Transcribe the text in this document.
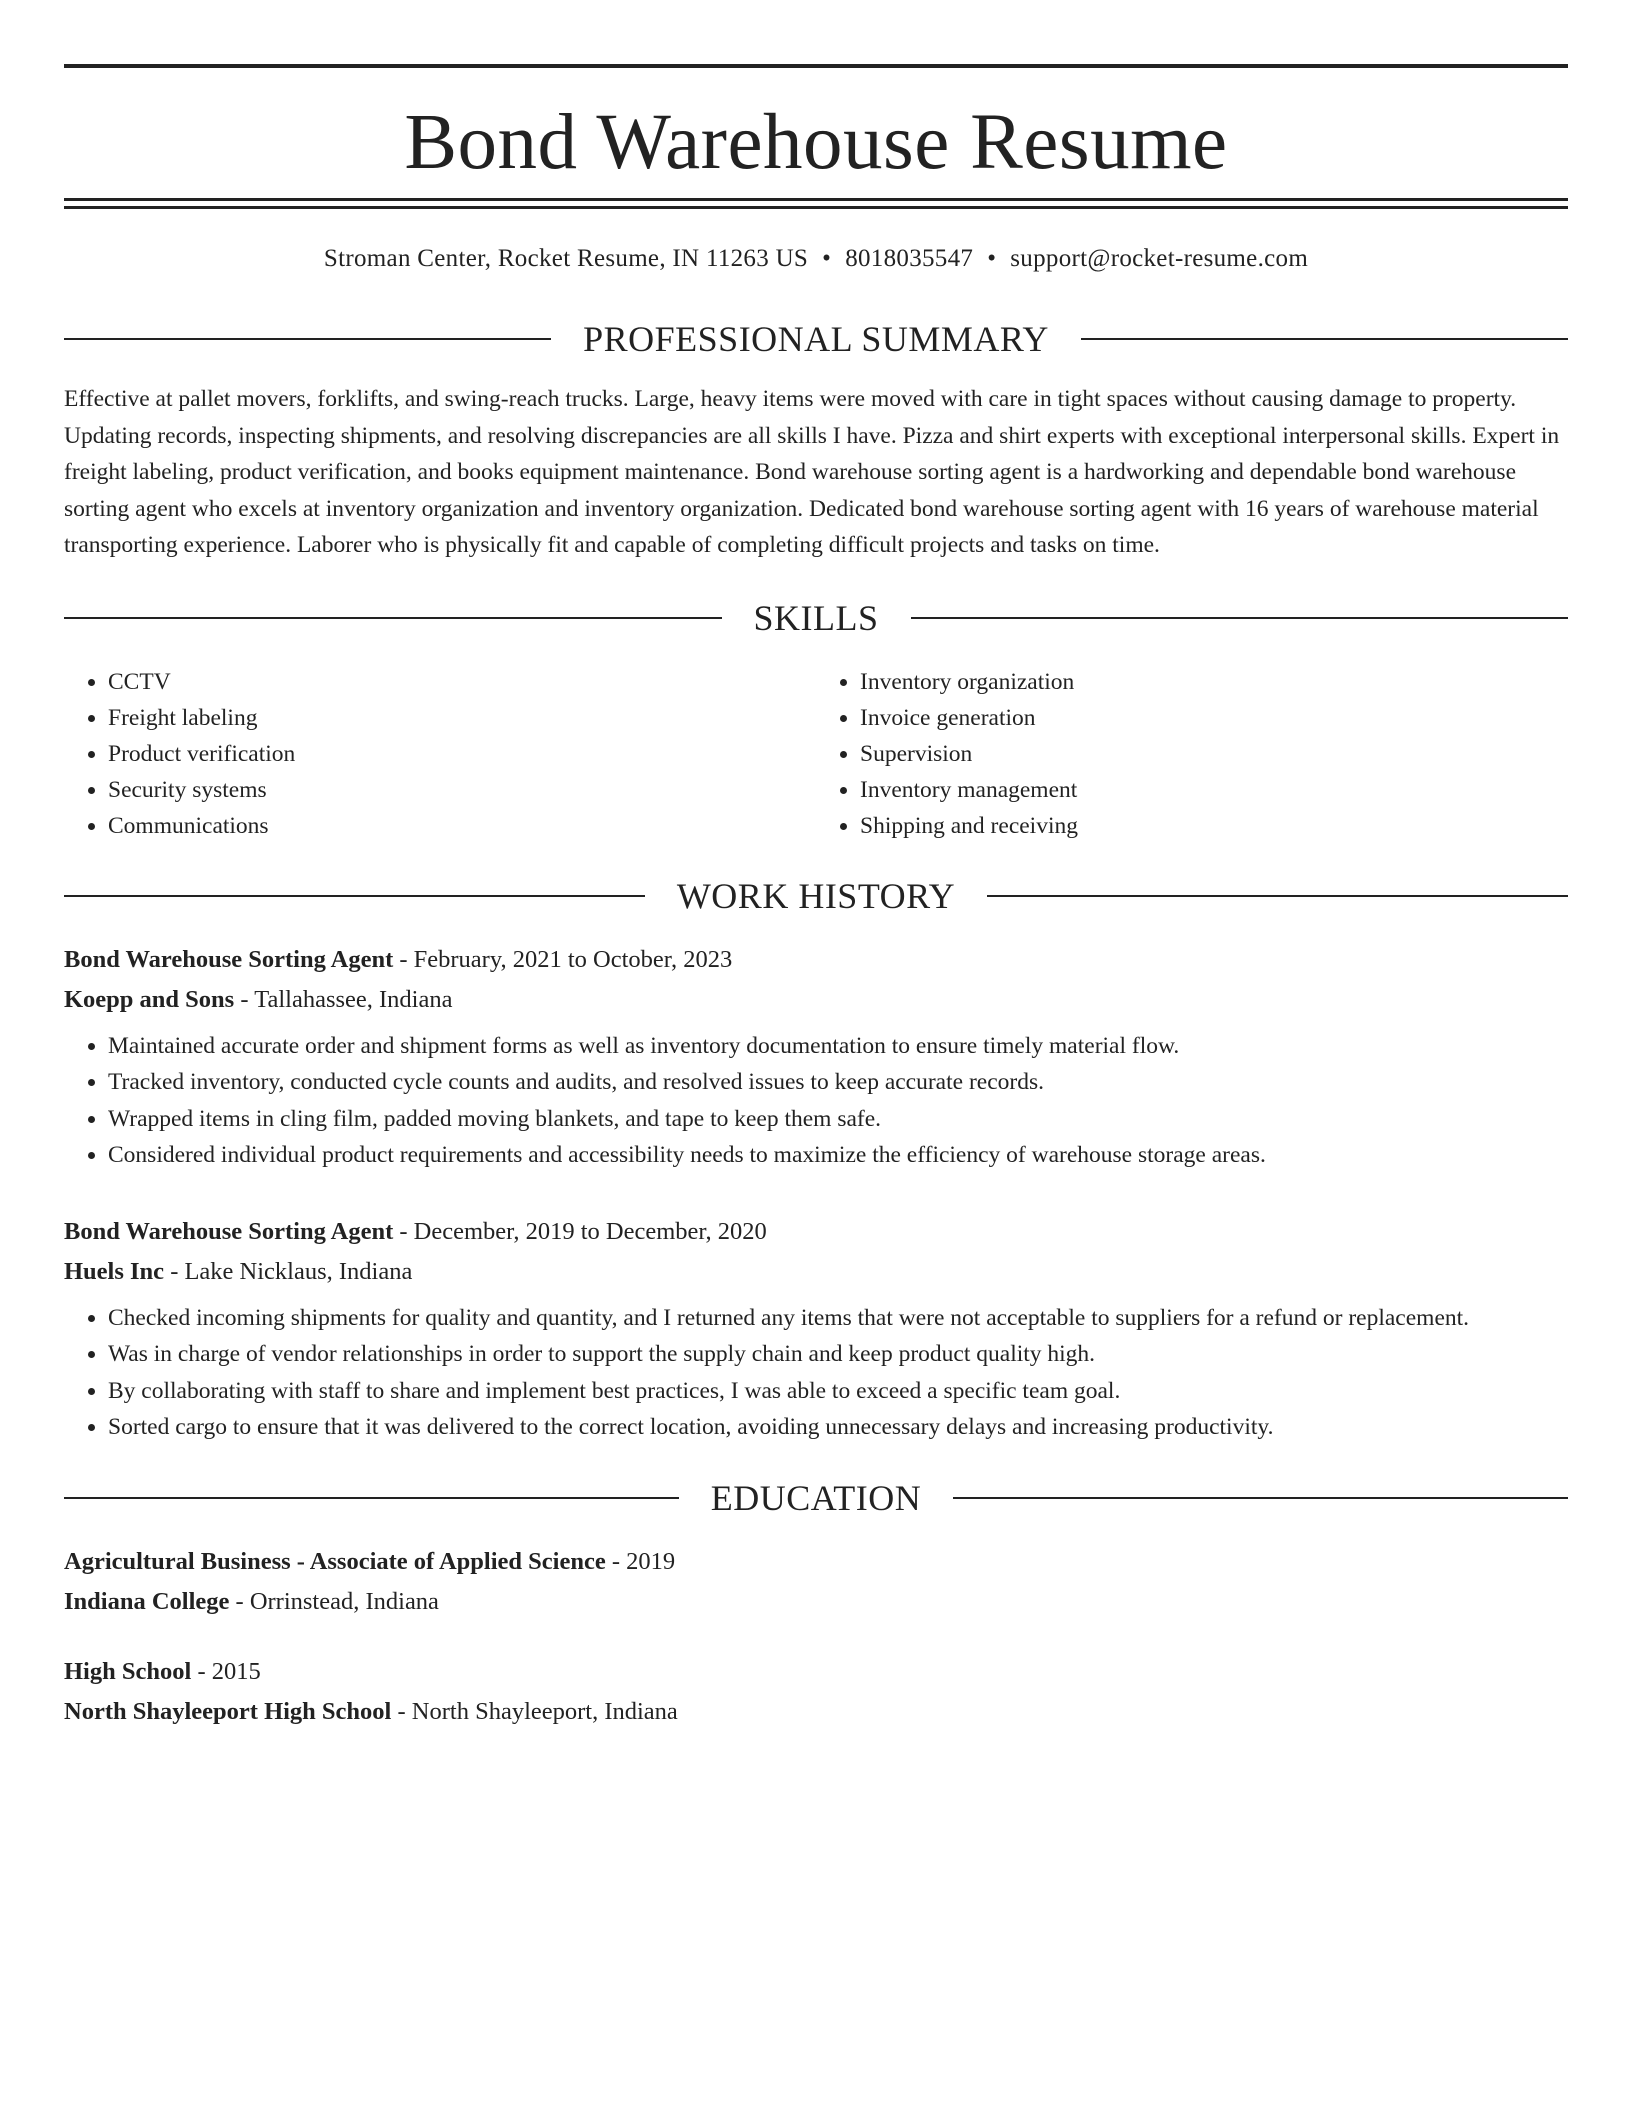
Bond Warehouse Resume
Stroman Center, Rocket Resume, IN 11263 US • 8018035547 • support@rocket-resume.com
PROFESSIONAL SUMMARY
Effective at pallet movers, forklifts, and swing-reach trucks. Large, heavy items were moved with care in tight spaces without causing damage to property. Updating records, inspecting shipments, and resolving discrepancies are all skills I have. Pizza and shirt experts with exceptional interpersonal skills. Expert in freight labeling, product verification, and books equipment maintenance. Bond warehouse sorting agent is a hardworking and dependable bond warehouse sorting agent who excels at inventory organization and inventory organization. Dedicated bond warehouse sorting agent with 16 years of warehouse material transporting experience. Laborer who is physically fit and capable of completing difficult projects and tasks on time.
SKILLS
• CCTV
• Freight labeling
• Product verification
• Security systems
• Communications
• Inventory organization
• Invoice generation
• Supervision
• Inventory management
• Shipping and receiving
WORK HISTORY
Bond Warehouse Sorting Agent - February, 2021 to October, 2023
Koepp and Sons - Tallahassee, Indiana
• Maintained accurate order and shipment forms as well as inventory documentation to ensure timely material flow.
• Tracked inventory, conducted cycle counts and audits, and resolved issues to keep accurate records.
• Wrapped items in cling film, padded moving blankets, and tape to keep them safe.
• Considered individual product requirements and accessibility needs to maximize the efficiency of warehouse storage areas.
Bond Warehouse Sorting Agent - December, 2019 to December, 2020
Huels Inc - Lake Nicklaus, Indiana
• Checked incoming shipments for quality and quantity, and I returned any items that were not acceptable to suppliers for a refund or replacement.
• Was in charge of vendor relationships in order to support the supply chain and keep product quality high.
• By collaborating with staff to share and implement best practices, I was able to exceed a specific team goal.
• Sorted cargo to ensure that it was delivered to the correct location, avoiding unnecessary delays and increasing productivity.
EDUCATION
Agricultural Business - Associate of Applied Science - 2019
Indiana College - Orrinstead, Indiana
High School - 2015
North Shayleeport High School - North Shayleeport, Indiana
